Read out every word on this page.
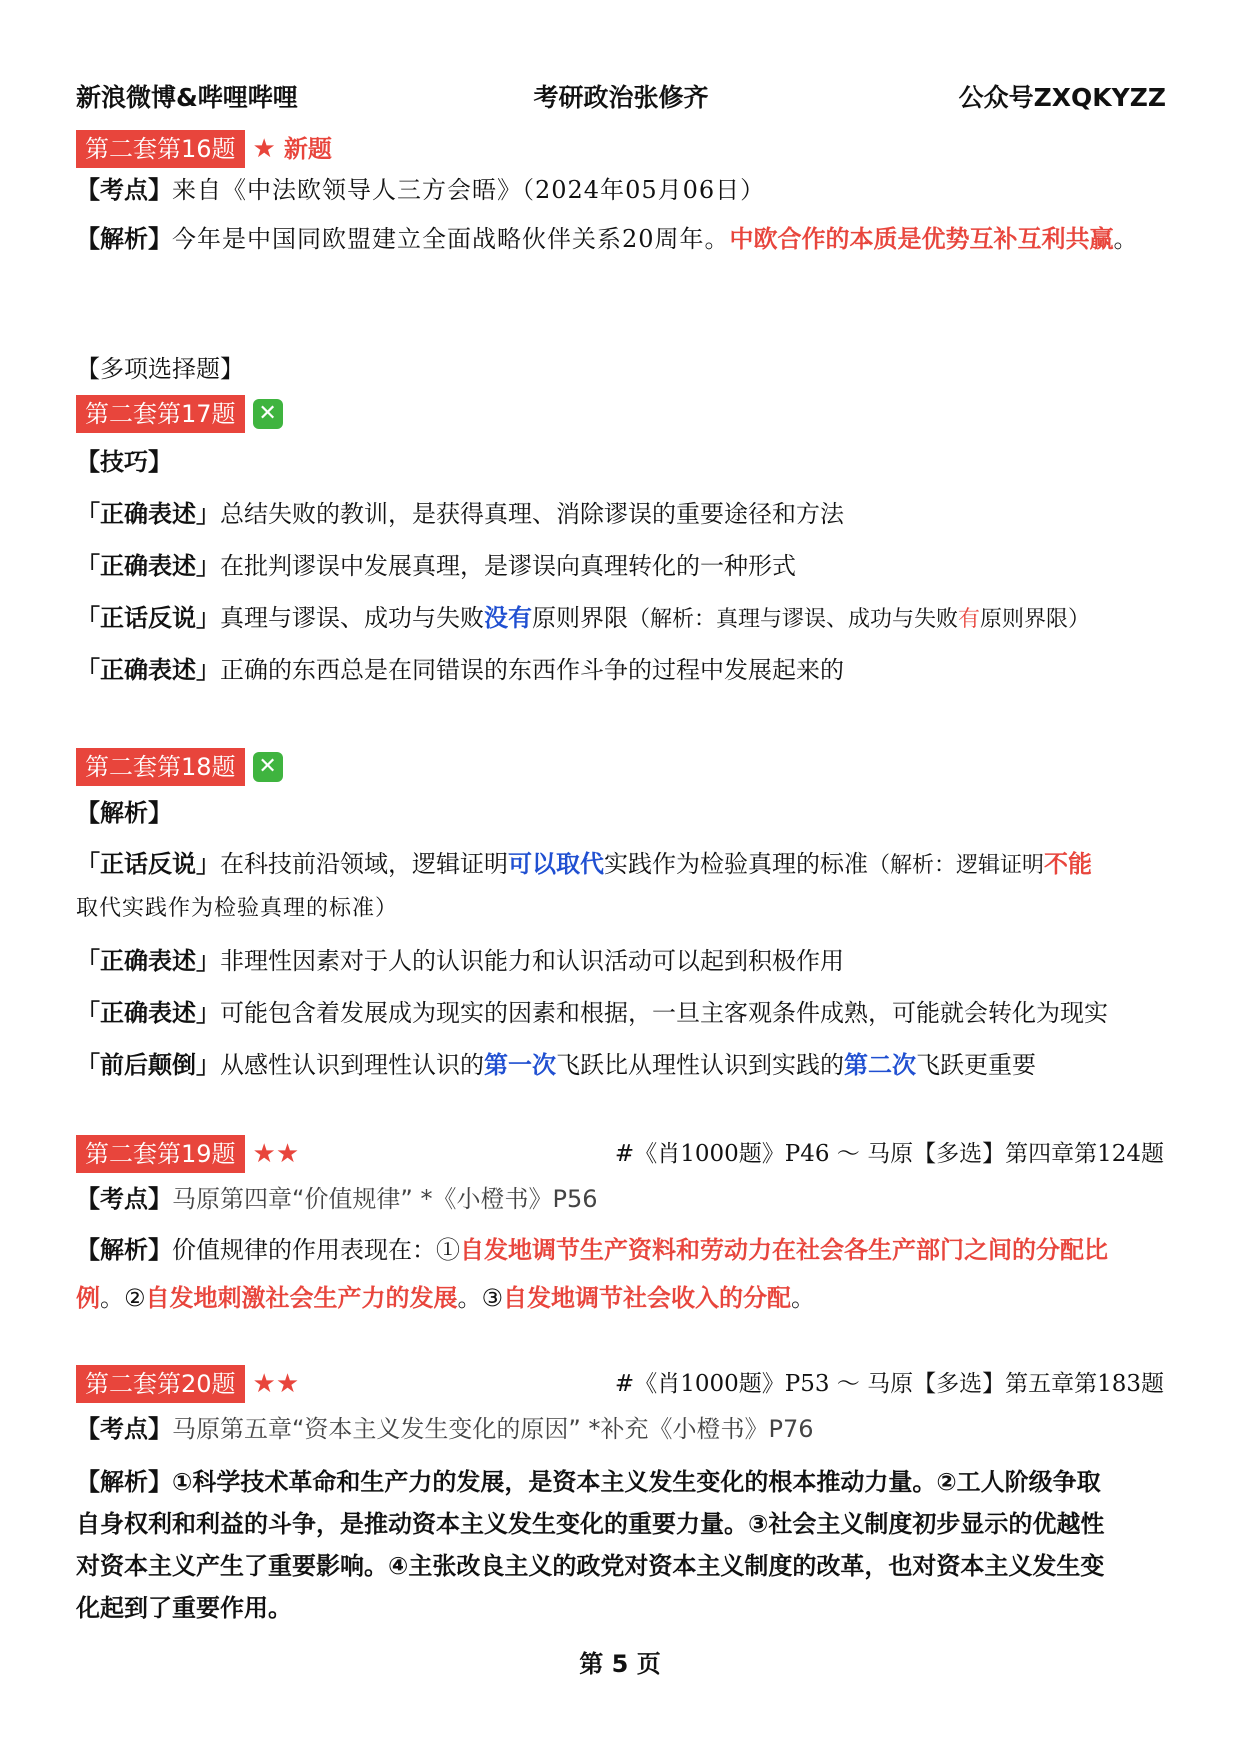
新浪微博&哔哩哔哩	考研政治张修齐	公众号ZXQKYZZ
第二套第16题 ★ 新题
【考点】来自《中法欧领导人三方会晤》（2024年05月06日）
【解析】今年是中国同欧盟建立全面战略伙伴关系20周年。中欧合作的本质是优势互补互利共赢。
【多项选择题】
第二套第17题 ✕
【技巧】
「正确表述」总结失败的教训，是获得真理、消除谬误的重要途径和方法
「正确表述」在批判谬误中发展真理，是谬误向真理转化的一种形式
「正话反说」真理与谬误、成功与失败没有原则界限（解析：真理与谬误、成功与失败有原则界限）
「正确表述」正确的东西总是在同错误的东西作斗争的过程中发展起来的
第二套第18题 ✕
【解析】
「正话反说」在科技前沿领域，逻辑证明可以取代实践作为检验真理的标准（解析：逻辑证明不能
取代实践作为检验真理的标准）
「正确表述」非理性因素对于人的认识能力和认识活动可以起到积极作用
「正确表述」可能包含着发展成为现实的因素和根据，一旦主客观条件成熟，可能就会转化为现实
「前后颠倒」从感性认识到理性认识的第一次飞跃比从理性认识到实践的第二次飞跃更重要
第二套第19题 ★★	#《肖1000题》P46 ～ 马原【多选】第四章第124题
【考点】马原第四章“价值规律” *《小橙书》P56
【解析】价值规律的作用表现在：①自发地调节生产资料和劳动力在社会各生产部门之间的分配比
例。②自发地刺激社会生产力的发展。③自发地调节社会收入的分配。
第二套第20题 ★★	#《肖1000题》P53 ～ 马原【多选】第五章第183题
【考点】马原第五章“资本主义发生变化的原因” *补充《小橙书》P76
【解析】①科学技术革命和生产力的发展，是资本主义发生变化的根本推动力量。②工人阶级争取
自身权利和利益的斗争，是推动资本主义发生变化的重要力量。③社会主义制度初步显示的优越性
对资本主义产生了重要影响。④主张改良主义的政党对资本主义制度的改革，也对资本主义发生变
化起到了重要作用。
第 5 页
